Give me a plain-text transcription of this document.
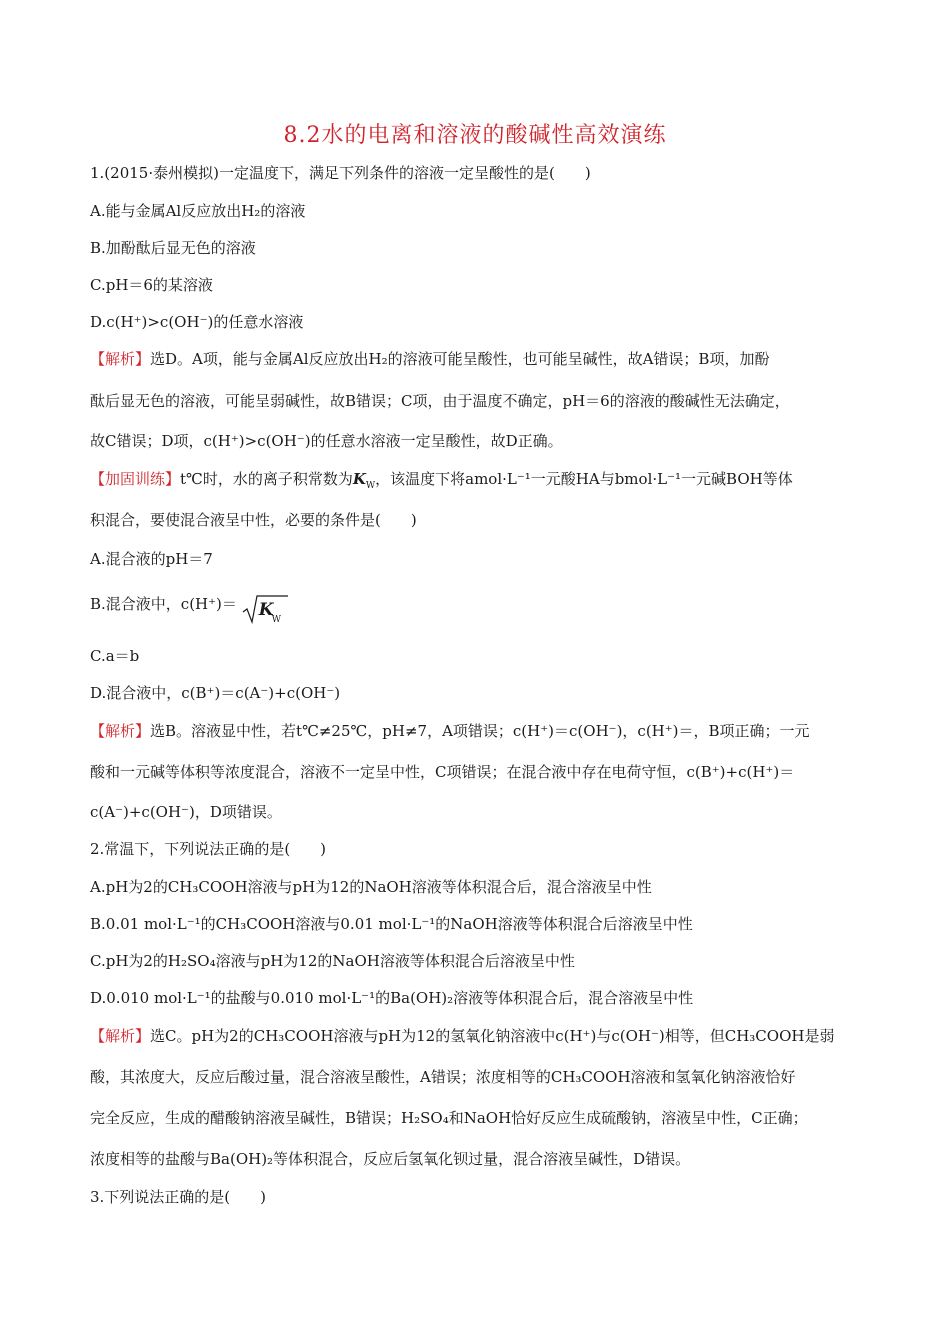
8.2水的电离和溶液的酸碱性高效演练
1.(2015·泰州模拟)一定温度下，满足下列条件的溶液一定呈酸性的是(　　)
A.能与金属Al反应放出H₂的溶液
B.加酚酞后显无色的溶液
C.pH＝6的某溶液
D.c(H⁺)>c(OH⁻)的任意水溶液
【解析】选D。A项，能与金属Al反应放出H₂的溶液可能呈酸性，也可能呈碱性，故A错误；B项，加酚
酞后显无色的溶液，可能呈弱碱性，故B错误；C项，由于温度不确定，pH＝6的溶液的酸碱性无法确定，
故C错误；D项，c(H⁺)>c(OH⁻)的任意水溶液一定呈酸性，故D正确。
【加固训练】t℃时，水的离子积常数为$K_W$，该温度下将amol·L⁻¹一元酸HA与bmol·L⁻¹一元碱BOH等体
积混合，要使混合液呈中性，必要的条件是(　　)
A.混合液的pH＝7
B.混合液中，c(H⁺)＝ K
W
C.a＝b
D.混合液中，c(B⁺)＝c(A⁻)+c(OH⁻)
【解析】选B。溶液显中性，若t℃≠25℃，pH≠7，A项错误；c(H⁺)＝c(OH⁻)，c(H⁺)＝，B项正确；一元
酸和一元碱等体积等浓度混合，溶液不一定呈中性，C项错误；在混合液中存在电荷守恒，c(B⁺)+c(H⁺)＝
c(A⁻)+c(OH⁻)，D项错误。
2.常温下，下列说法正确的是(　　)
A.pH为2的CH₃COOH溶液与pH为12的NaOH溶液等体积混合后，混合溶液呈中性
B.0.01 mol·L⁻¹的CH₃COOH溶液与0.01 mol·L⁻¹的NaOH溶液等体积混合后溶液呈中性
C.pH为2的H₂SO₄溶液与pH为12的NaOH溶液等体积混合后溶液呈中性
D.0.010 mol·L⁻¹的盐酸与0.010 mol·L⁻¹的Ba(OH)₂溶液等体积混合后，混合溶液呈中性
【解析】选C。pH为2的CH₃COOH溶液与pH为12的氢氧化钠溶液中c(H⁺)与c(OH⁻)相等，但CH₃COOH是弱
酸，其浓度大，反应后酸过量，混合溶液呈酸性，A错误；浓度相等的CH₃COOH溶液和氢氧化钠溶液恰好
完全反应，生成的醋酸钠溶液呈碱性，B错误；H₂SO₄和NaOH恰好反应生成硫酸钠，溶液呈中性，C正确；
浓度相等的盐酸与Ba(OH)₂等体积混合，反应后氢氧化钡过量，混合溶液呈碱性，D错误。
3.下列说法正确的是(　　)
